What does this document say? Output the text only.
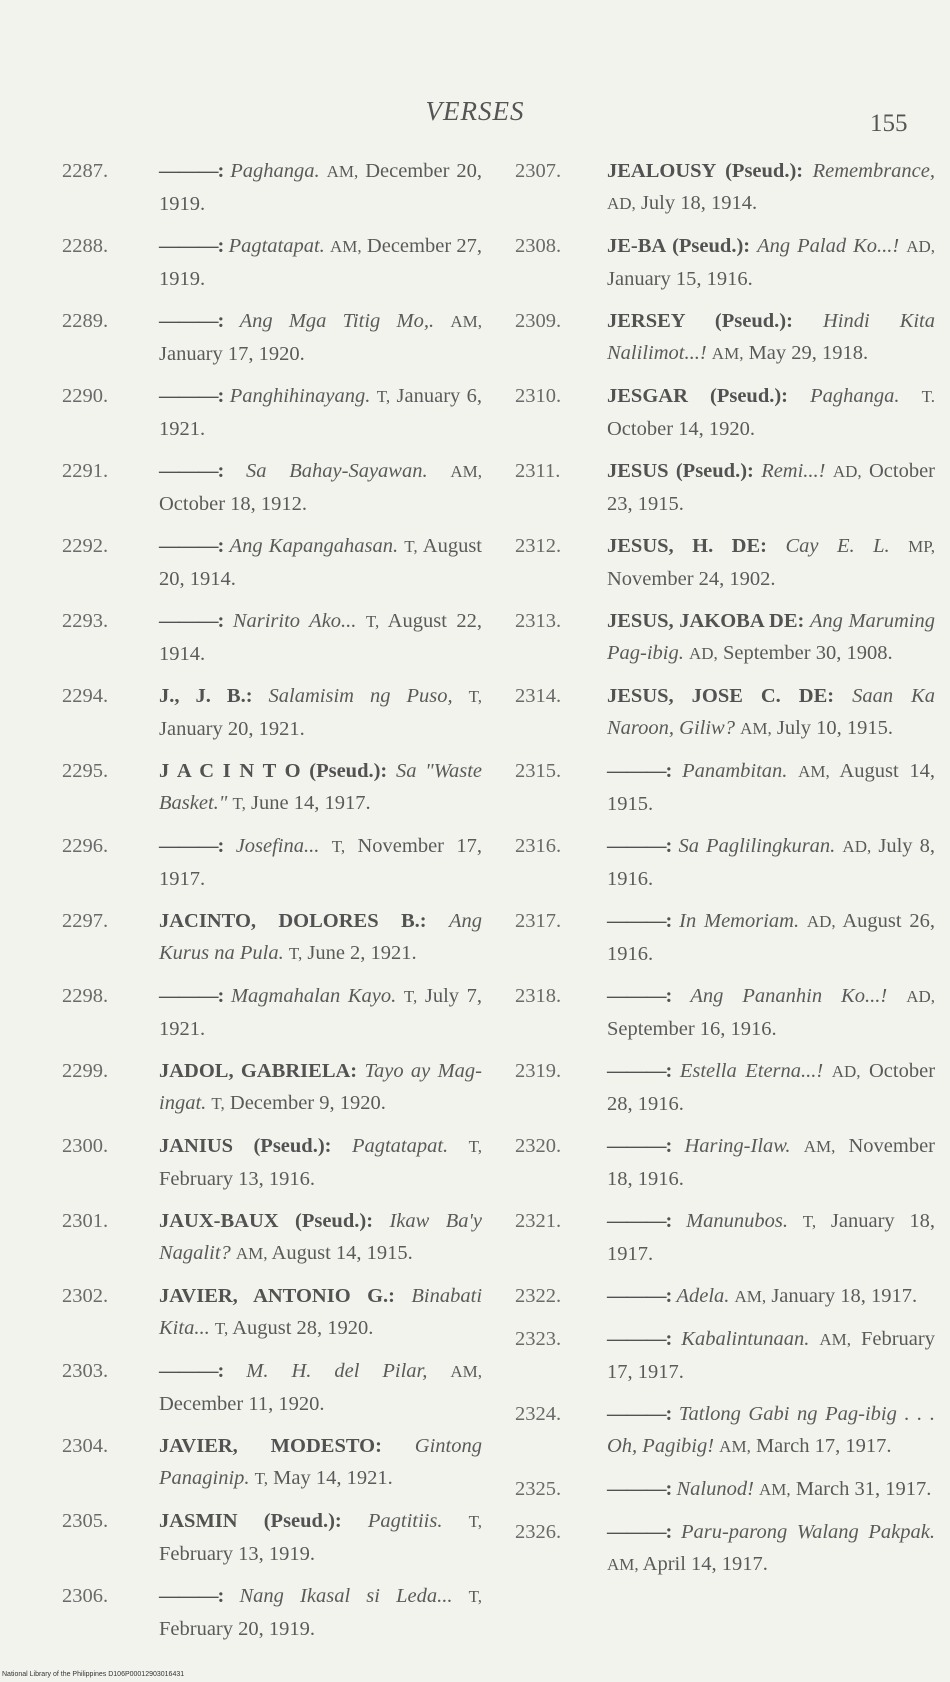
VERSES	155
2287. ———: Paghanga. AM, December 20, 1919.
2288. ———: Pagtatapat. AM, December 27, 1919.
2289. ———: Ang Mga Titig Mo,. AM, January 17, 1920.
2290. ———: Panghihinayang. T, January 6, 1921.
2291. ———: Sa Bahay-Sayawan. AM, October 18, 1912.
2292. ———: Ang Kapangahasan. T, August 20, 1914.
2293. ———: Naririto Ako... T, August 22, 1914.
2294. J., J. B.: Salamisim ng Puso, T, January 20, 1921.
2295. J A C I N T O (Pseud.): Sa "Waste Basket." T, June 14, 1917.
2296. ———: Josefina... T, November 17, 1917.
2297. JACINTO, DOLORES B.: Ang Kurus na Pula. T, June 2, 1921.
2298. ———: Magmahalan Kayo. T, July 7, 1921.
2299. JADOL, GABRIELA: Tayo ay Mag-ingat. T, December 9, 1920.
2300. JANIUS (Pseud.): Pagtatapat. T, February 13, 1916.
2301. JAUX-BAUX (Pseud.): Ikaw Ba'y Nagalit? AM, August 14, 1915.
2302. JAVIER, ANTONIO G.: Binabati Kita... T, August 28, 1920.
2303. ———: M. H. del Pilar, AM, December 11, 1920.
2304. JAVIER, MODESTO: Gintong Panaginip. T, May 14, 1921.
2305. JASMIN (Pseud.): Pagtitiis. T, February 13, 1919.
2306. ———: Nang Ikasal si Leda... T, February 20, 1919.
2307. JEALOUSY (Pseud.): Remembrance, AD, July 18, 1914.
2308. JE-BA (Pseud.): Ang Palad Ko...! AD, January 15, 1916.
2309. JERSEY (Pseud.): Hindi Kita Nalilimot...! AM, May 29, 1918.
2310. JESGAR (Pseud.): Paghanga. T. October 14, 1920.
2311. JESUS (Pseud.): Remi...! AD, October 23, 1915.
2312. JESUS, H. DE: Cay E. L. MP, November 24, 1902.
2313. JESUS, JAKOBA DE: Ang Maruming Pag-ibig. AD, September 30, 1908.
2314. JESUS, JOSE C. DE: Saan Ka Naroon, Giliw? AM, July 10, 1915.
2315. ———: Panambitan. AM, August 14, 1915.
2316. ———: Sa Paglilingkuran. AD, July 8, 1916.
2317. ———: In Memoriam. AD, August 26, 1916.
2318. ———: Ang Pananhin Ko...! AD, September 16, 1916.
2319. ———: Estella Eterna...! AD, October 28, 1916.
2320. ———: Haring-Ilaw. AM, November 18, 1916.
2321. ———: Manunubos. T, January 18, 1917.
2322. ———: Adela. AM, January 18, 1917.
2323. ———: Kabalintunaan. AM, February 17, 1917.
2324. ———: Tatlong Gabi ng Pag-ibig . . . Oh, Pagibig! AM, March 17, 1917.
2325. ———: Nalunod! AM, March 31, 1917.
2326. ———: Paru-parong Walang Pakpak. AM, April 14, 1917.
National Library of the Philippines D106P00012903016431
